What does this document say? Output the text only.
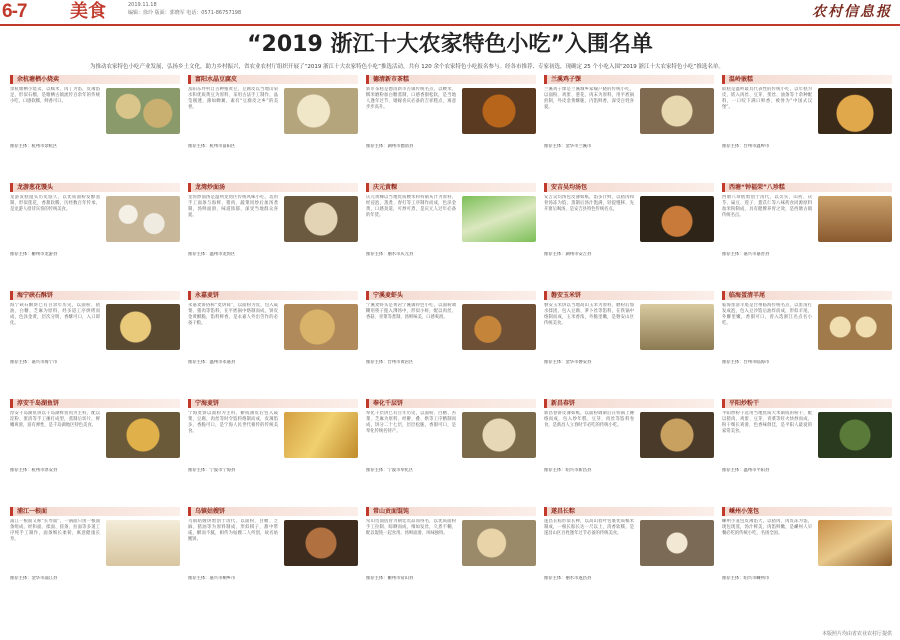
6-7 美食	2019.11.18
编辑：徐玲 版面：郭晓军 电话：0571-86757198	农村信息报
“2019 浙江十大农家特色小吃”入围名单
为推动农家特色小吃产业发展，弘扬乡土文化，助力乡村振兴，省农业农村厅组织开展了“2019 浙江十大农家特色小吃”推选活动，共有 120 余个农家特色小吃报名参与。经各市推荐、专家初选，现确定 25 个小吃入围“2019 浙江十大农家特色小吃”推选名单。
余杭塘栖小烧卖
余杭塘栖小烧卖，以糯米、肉丁为馅，皮薄馅足，形似石榴，是塘栖古镇流传百余年的传统小吃，口感软糯，鲜香可口。
推荐主体：杭州市余杭区
富阳水晶豆腐皮
富阳东坪村自古种植黄豆，豆腐皮以当地山泉水和优质黄豆为原料，采用古法手工制作，晶莹剔透、薄如蝉翼，素有“豆腐皮之乡”的美誉。
推荐主体：杭州市富阳区
德清新市茶糕
新市茶糕是德清新市古镇传统名点，以粳米、糯米磨粉加白糖蒸制，口感香甜松软，是当地人逢年过节、婚嫁喜庆必备的吉祥糕点，寓意步步高升。
推荐主体：湖州市德清县
兰溪鸡子馃
兰溪鸡子馃是兰溪城乡家喻户晓的传统小吃，以面粉、鸡蛋、葱花、肉末为原料，用平底锅煎制，外皮金黄酥脆，内馅鲜香，深受百姓喜爱。
推荐主体：金华市兰溪市
温岭嵌糕
嵌糕是温岭最具代表性的传统小吃，以年糕为皮，嵌入肉丝、豆芽、蛋丝、油条等十余种配料，一口咬下满口鲜香，被誉为“中国式汉堡”。
推荐主体：台州市温岭市
龙游葱花馒头
龙游发糕馒头历史悠久，以优质面粉发酵蒸制，形似莲花，香甜软糯，历经数百年传承，是龙游人招待宾客的传统美食。
推荐主体：衢州市龙游县
龙湾炒面汤
龙湾炒面汤是温州龙湾区传统风味小吃，选用手工面条与海鲜、猪肉、蔬菜同炒后加汤煮制，汤鲜面滑，味道浓郁，深受当地群众喜爱。
推荐主体：温州市龙湾区
庆元黄粿
庆元黄粿以当地优质粳米和特制灰汁为原料，经浸泡、蒸煮、舂打等工序制作而成，色泽金黄，口感劲道，可炒可煮，是庆元人过年必备的年货。
推荐主体：丽水市庆元县
安吉吴均汤包
安吉吴均汤包皮薄如纸，馅多汁鲜，以猪肉和骨汤冻为馅，蒸制后汤汁饱满，轻提慢移，先开窗后喝汤，是安吉县特色传统名点。
推荐主体：湖州市安吉县
西塘“钟福荣”八珍糕
西塘八珍糕始创于清代，以芡实、山药、茯苓、扁豆、莲子、薏苡仁等八味药食同源原料加米粉制成，具有健脾养胃之效，是西塘古镇传统名点。
推荐主体：嘉兴市嘉善县
海宁硖石酥饼
海宁硖石酥饼已有百余年历史，以面粉、猪油、白糖、芝麻为原料，经多道工序烘烤而成，色泽金黄，层次分明，香酥可口，入口即化。
推荐主体：嘉兴市海宁市
永嘉麦饼
永嘉麦饼俗称“麦饼筒”，以面粉为皮，包入咸菜、猪肉等馅料，在平底锅中烙制而成，饼皮金黄酥脆，馅料鲜香，是永嘉人外出劳作的必备干粮。
推荐主体：温州市永嘉县
宁溪麦虾头
宁溪麦虾头是黄岩宁溪镇特色小吃，以面粉调糊用筷子拨入沸汤中，形似小虾，配以肉丝、香菇、青菜等煮制，汤鲜味美，口感爽滑。
推荐主体：台州市黄岩区
磐安玉米饼
磐安玉米饼以当地高山玉米为原料，磨粉后加水揉团，包入豆腐、萝卜丝等馅料，在铁锅中烙制而成，玉米香浓，外脆里嫩，是磐安山区传统美食。
推荐主体：金华市磐安县
临海蛋清羊尾
临海蛋清羊尾是台州临海传统名点，以蛋清打发成泡，包入豆沙馅后油炸而成，形似羊尾，外酥里嫩，香甜可口，曾入选浙江名点名小吃。
推荐主体：台州市临海市
淳安千岛湖鱼饼
淳安千岛湖鱼饼以千岛湖鲜鱼肉为主料，配以淀粉、蛋清等手工捶打成型，蒸制后切片，鲜嫩爽滑，富有弹性，是千岛湖地区特色美食。
推荐主体：杭州市淳安县
宁海麦饼
宁海麦饼以面粉为主料，擀成薄皮后包入咸菜、豆腐、肉丝等时令馅料烙制而成，皮薄馅多，香脆可口，是宁海人民世代相传的传统美食。
推荐主体：宁波市宁海县
奉化千层饼
奉化千层饼已有百年历史，以面粉、白糖、苔菜、芝麻为原料，经擀、叠、烘等工序精制而成，饼分二十七层，层层松脆，香甜可口，是奉化传统名特产。
推荐主体：宁波市奉化区
新昌春饼
新昌春饼皮薄如纸，以面粉调制后在铁锅上摊烙而成，包入炒年糕、豆芽、肉丝等馅料卷食，是新昌人立春时节必吃的传统小吃。
推荐主体：绍兴市新昌县
平阳炒粉干
平阳炒粉干选用当地优质大米制成的粉干，配以猪肉、鸡蛋、豆芽、青菜等旺火快炒而成，粉干细长爽滑，色香味俱佳，是平阳人最爱的家常美食。
推荐主体：温州市平阳县
浦江一根面
浦江一根面又称“长寿面”，一锅面只由一根面条组成，经和面、揉面、搓条、拉面等多道工序纯手工制作，面条细长柔韧，寓意健康长寿。
推荐主体：金华市浦江县
乌镇姑嫂饼
乌镇姑嫂饼始创于清代，以面粉、白糖、芝麻、猪油等为原料制成，形似棋子，甜中带咸，酥而不腻，相传为姑嫂二人所创，故名姑嫂饼。
推荐主体：嘉兴市桐乡市
常山贡面馄饨
常山贡面因曾为朝廷贡品而得名，以优质面粉手工拉制、晾晒而成，细如发丝，久煮不糊，配以馄饨一起食用，汤鲜面滑，风味独特。
推荐主体：衢州市常山县
遂昌长粽
遂昌长粽形似长棒，以高山箬叶包裹优质糯米制成，一根长粽长达一尺以上，清香软糯，是遂昌山区百姓逢年过节必备的传统美食。
推荐主体：丽水市遂昌县
嵊州小笼包
嵊州小笼包皮薄馅大，以猪肉、肉皮冻为馅，现包现蒸，汤汁鲜美，肉馅鲜嫩，是嵊州人早餐必吃的传统小吃，名扬全国。
推荐主体：绍兴市嵊州市
本版照片均由省农业农村厅提供
